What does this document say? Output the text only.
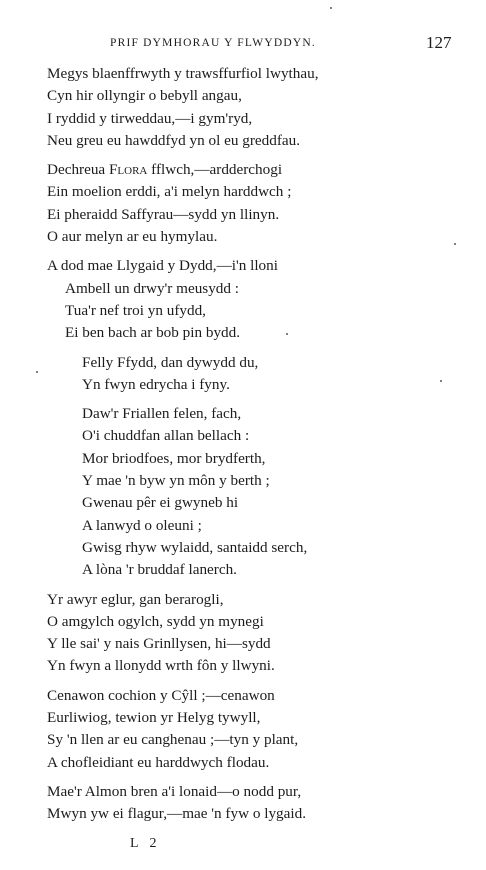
PRIF DYMHORAU Y FLWYDDYN.	127
Megys blaenffrwyth y trawsffurfiol lwythau,
Cyn hir ollyngir o bebyll angau,
I ryddid y tirweddau,—i gym'ryd,
Neu greu eu hawddfyd yn ol eu greddfau.
Dechreua Flora fflwch,—ardderchogi
Ein moelion erddi, a'i melyn harddwch ;
Ei pheraidd Saffyrau—sydd yn llinyn.
O aur melyn ar eu hymylau.
A dod mae Llygaid y Dydd,—i'n lloni
Ambell un drwy'r meusydd :
Tua'r nef troi yn ufydd,
Ei ben bach ar bob pin bydd.
Felly Ffydd, dan dywydd du,
Yn fwyn edrycha i fyny.
Daw'r Friallen felen, fach,
O'i chuddfan allan bellach :
Mor briodfoes, mor brydferth,
Y mae 'n byw yn môn y berth ;
Gwenau pêr ei gwyneb hi
A lanwyd o oleuni ;
Gwisg rhyw wylaidd, santaidd serch,
A lòna 'r bruddaf lanerch.
Yr awyr eglur, gan berarogli,
O amgylch ogylch, sydd yn mynegi
Y lle sai' y nais Grinllysen, hi—sydd
Yn fwyn a llonydd wrth fôn y llwyni.
Cenawon cochion y Cŷll ;—cenawon
Eurliwiog, tewion yr Helyg tywyll,
Sy 'n llen ar eu canghenau ;—tyn y plant,
A chofleidiant eu harddwych flodau.
Mae'r Almon bren a'i lonaid—o nodd pur,
Mwyn yw ei flagur,—mae 'n fyw o lygaid.
L 2
